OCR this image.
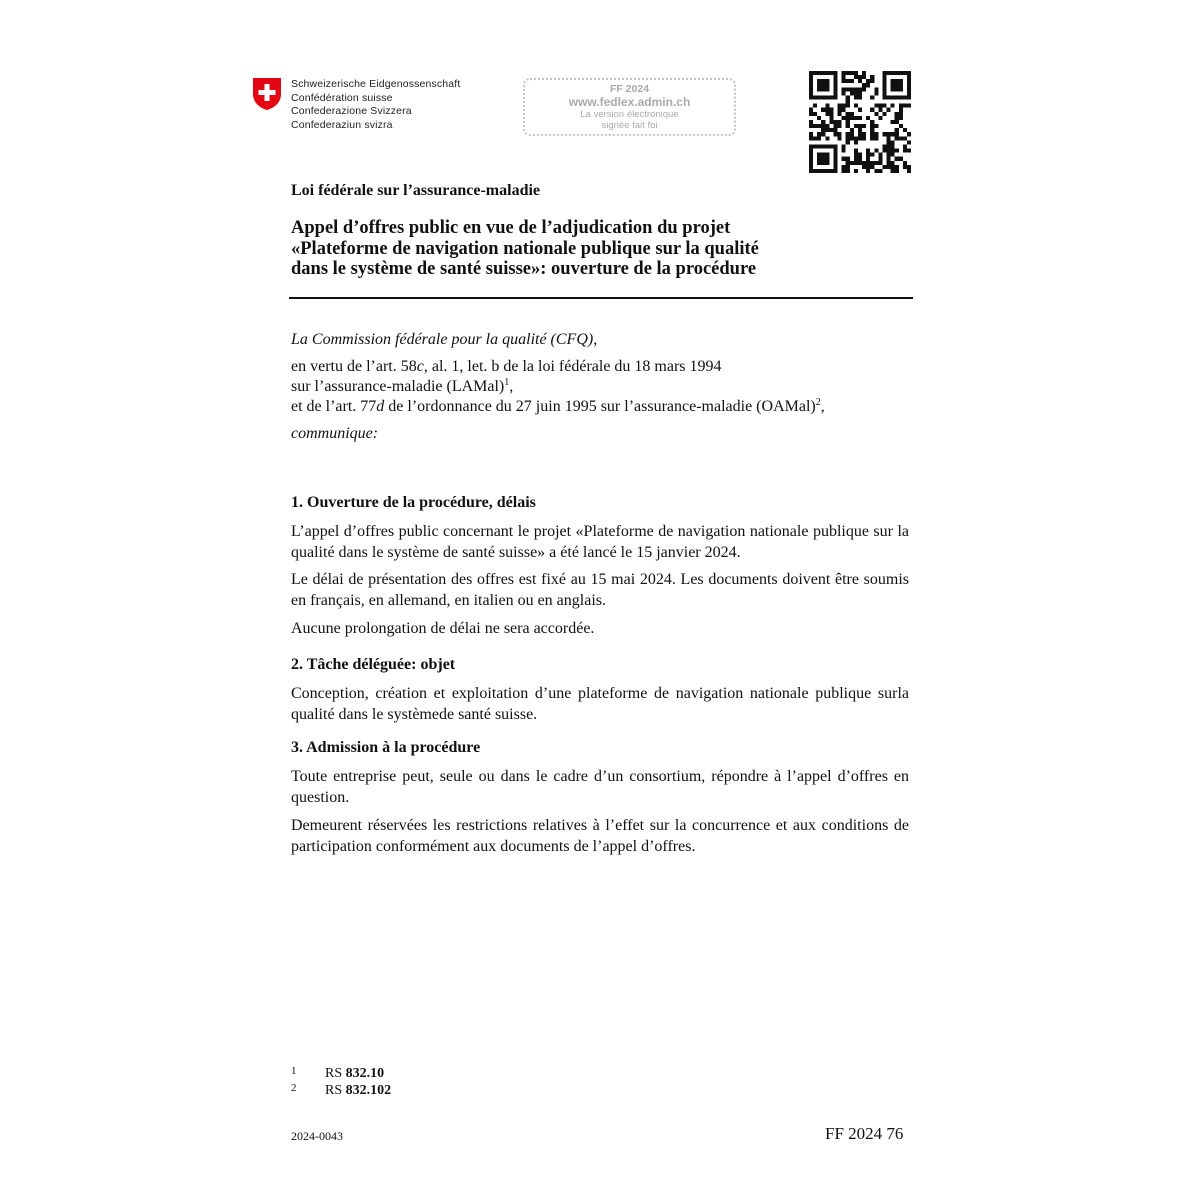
Schweizerische Eidgenossenschaft
Confédération suisse
Confederazione Svizzera
Confederaziun svizra
FF 2024
www.fedlex.admin.ch
La version électronique
signée fait foi
Loi fédérale sur l’assurance-maladie
Appel d’offres public en vue de l’adjudication du projet
«Plateforme de navigation nationale publique sur la qualité
dans le système de santé suisse»: ouverture de la procédure
La Commission fédérale pour la qualité (CFQ),
en vertu de l’art. 58c, al. 1, let. b de la loi fédérale du 18 mars 1994
sur l’assurance-maladie (LAMal)$^1$,
et de l’art. 77d de l’ordonnance du 27 juin 1995 sur l’assurance-maladie (OAMal)$^2$,
communique:
1. Ouverture de la procédure, délais
L’appel d’offres public concernant le projet «Plateforme de navigation nationale publique sur la qualité dans le système de santé suisse» a été lancé le 15 janvier 2024.
Le délai de présentation des offres est fixé au 15 mai 2024. Les documents doivent être soumis en français, en allemand, en italien ou en anglais.
Aucune prolongation de délai ne sera accordée.
2. Tâche déléguée: objet
Conception, création et exploitation d’une plateforme de navigation nationale publique surla qualité dans le systèmede santé suisse.
3. Admission à la procédure
Toute entreprise peut, seule ou dans le cadre d’un consortium, répondre à l’appel d’offres en question.
Demeurent réservées les restrictions relatives à l’effet sur la concurrence et aux conditions de participation conformément aux documents de l’appel d’offres.
1 RS 832.10
2 RS 832.102
2024-0043	FF 2024 76
